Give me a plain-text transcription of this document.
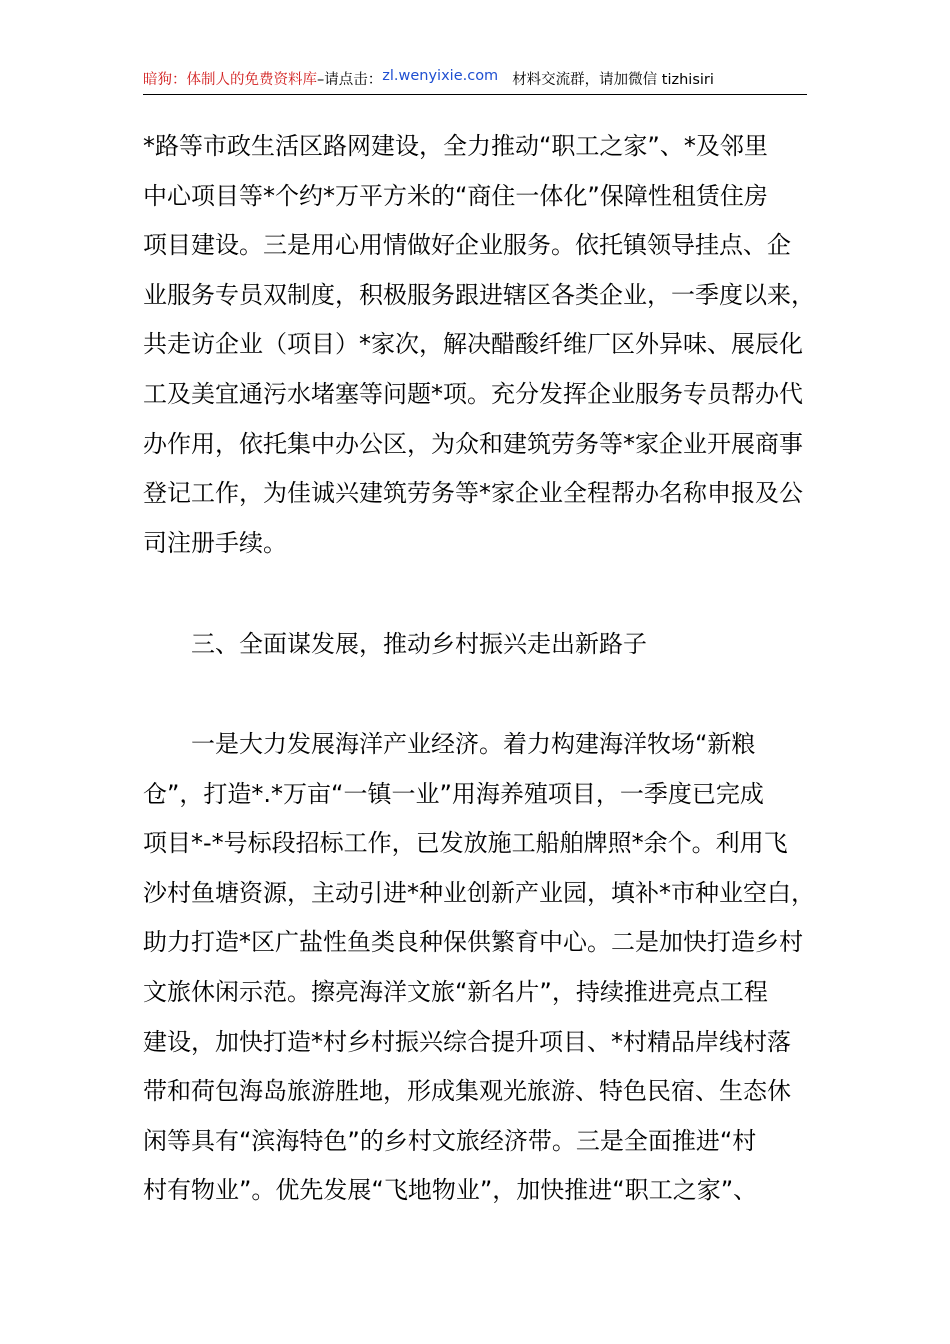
暗狗：体制人的免费资料库 –请点击： zl.wenyixie.com 材料交流群，请加微信 tizhisiri
*路等市政生活区路网建设，全力推动“职工之家”、*及邻里
中心项目等*个约*万平方米的“商住一体化”保障性租赁住房
项目建设。三是用心用情做好企业服务。依托镇领导挂点、企
业服务专员双制度，积极服务跟进辖区各类企业，一季度以来，
共走访企业（项目）*家次，解决醋酸纤维厂区外异味、展辰化
工及美宜通污水堵塞等问题*项。充分发挥企业服务专员帮办代
办作用，依托集中办公区，为众和建筑劳务等*家企业开展商事
登记工作，为佳诚兴建筑劳务等*家企业全程帮办名称申报及公
司注册手续。
三、全面谋发展，推动乡村振兴走出新路子
一是大力发展海洋产业经济。着力构建海洋牧场“新粮
仓”，打造*.*万亩“一镇一业”用海养殖项目，一季度已完成
项目*-*号标段招标工作，已发放施工船舶牌照*余个。利用飞
沙村鱼塘资源，主动引进*种业创新产业园，填补*市种业空白，
助力打造*区广盐性鱼类良种保供繁育中心。二是加快打造乡村
文旅休闲示范。擦亮海洋文旅“新名片”，持续推进亮点工程
建设，加快打造*村乡村振兴综合提升项目、*村精品岸线村落
带和荷包海岛旅游胜地，形成集观光旅游、特色民宿、生态休
闲等具有“滨海特色”的乡村文旅经济带。三是全面推进“村
村有物业”。优先发展“飞地物业”，加快推进“职工之家”、
